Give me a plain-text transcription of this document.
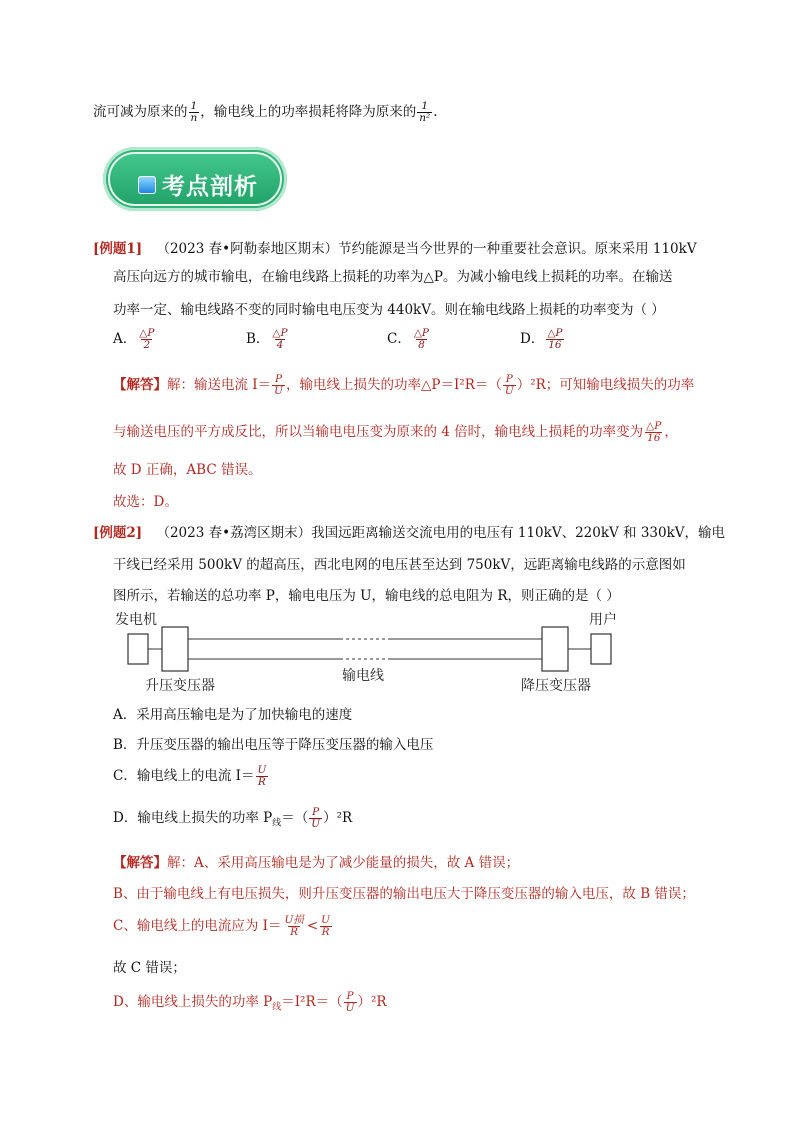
流可减为原来的 $\frac{1}{n}$ ，输电线上的功率损耗将降为原来的 $\frac{1}{\text{n²}}$ .
考点剖析
[例题1] （2023 春•阿勒泰地区期末）节约能源是当今世界的一种重要社会意识。原来采用 110kV
高压向远方的城市输电，在输电线路上损耗的功率为△P。为减小输电线上损耗的功率。在输送
功率一定、输电线路不变的同时输电电压变为 440kV。则在输电线路上损耗的功率变为（ ）
A． $\frac{\triangle P}{2}$	B． $\frac{\triangle P}{4}$	C． $\frac{\triangle P}{8}$	D． $\frac{\triangle P}{16}$
【解答】解：输送电流 $I= \frac{P}{U}$ ，输电线上损失的功率△P＝I²R＝（ $\frac{P}{U} )^2R$；可知输电线损失的功率
与输送电压的平方成反比，所以当输电电压变为原来的 4 倍时，输电线上损耗的功率变为 $\frac{\triangle P}{16}$ ，
故 D 正确，ABC 错误。
故选：D。
[例题2] （2023 春•荔湾区期末）我国远距离输送交流电用的电压有 110kV、220kV 和 330kV，输电
干线已经采用 500kV 的超高压，西北电网的电压甚至达到 750kV，远距离输电线路的示意图如
图所示，若输送的总功率 P，输电电压为 U，输电线的总电阻为 R，则正确的是（ ）
发电机	用户
升压变压器
输电线
降压变压器
A．采用高压输电是为了加快输电的速度
B．升压变压器的输出电压等于降压变压器的输入电压
C．输电线上的电流 $I= \frac{U}{R}$
D．输电线上损失的功率 $P_线=( \frac{P}{U} )^2R$
【解答】解：A、采用高压输电是为了减少能量的损失，故 A 错误；
B、由于输电线上有电压损失，则升压变压器的输出电压大于降压变压器的输入电压，故 B 错误；
C、输电线上的电流应为 $I= \frac{\text{U损}}{R} < \frac{U}{R}$
故 C 错误；
D、输电线上损失的功率 $P_线=I^2R=( \frac{P}{U} )^2R$
